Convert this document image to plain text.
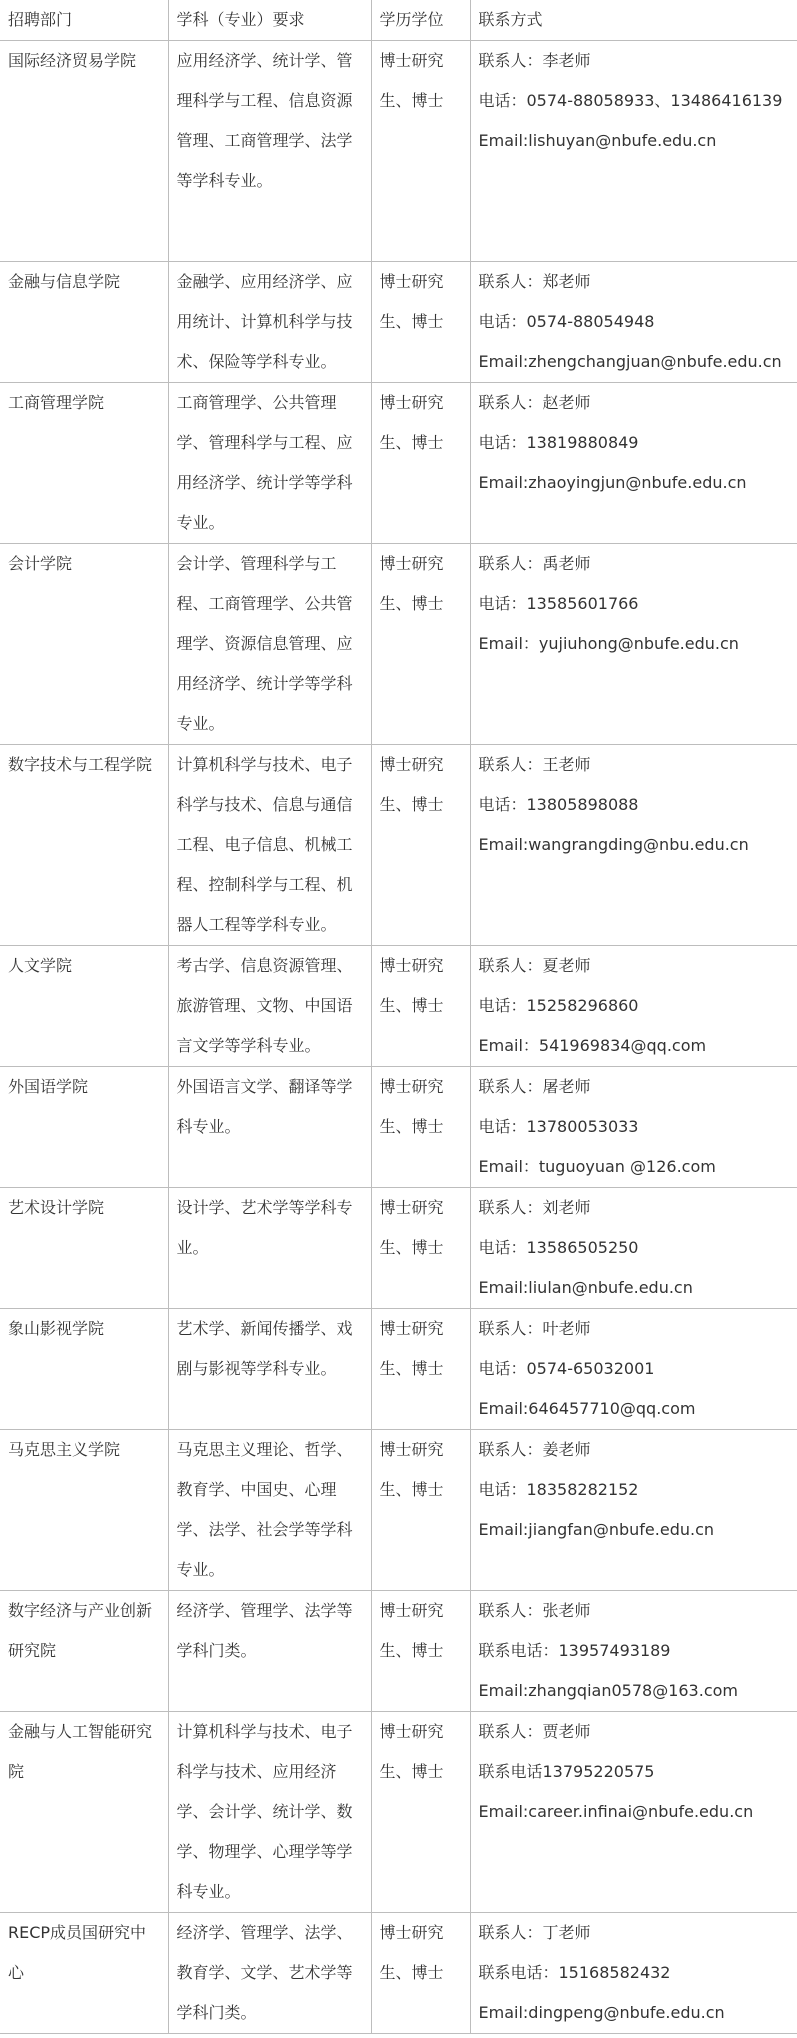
招聘部门	学科（专业）要求	学历学位	联系方式
国际经济贸易学院	应用经济学、统计学、管理科学与工程、信息资源管理、工商管理学、法学等学科专业。	博士研究生、博士	联系人：李老师
电话：0574-88058933、13486416139
Email:lishuyan@nbufe.edu.cn

金融与信息学院	金融学、应用经济学、应用统计、计算机科学与技术、保险等学科专业。	博士研究生、博士	联系人：郑老师
电话：0574-88054948
Email:zhengchangjuan@nbufe.edu.cn

工商管理学院	工商管理学、公共管理学、管理科学与工程、应用经济学、统计学等学科专业。	博士研究生、博士	联系人：赵老师
电话：13819880849
Email:zhaoyingjun@nbufe.edu.cn

会计学院	会计学、管理科学与工程、工商管理学、公共管理学、资源信息管理、应用经济学、统计学等学科专业。	博士研究生、博士	联系人：禹老师
电话：13585601766
Email：yujiuhong@nbufe.edu.cn

数字技术与工程学院	计算机科学与技术、电子科学与技术、信息与通信工程、电子信息、机械工程、控制科学与工程、机器人工程等学科专业。	博士研究生、博士	联系人：王老师
电话：13805898088
Email:wangrangding@nbu.edu.cn

人文学院	考古学、信息资源管理、旅游管理、文物、中国语言文学等学科专业。	博士研究生、博士	联系人：夏老师
电话：15258296860
Email：541969834@qq.com

外国语学院	外国语言文学、翻译等学科专业。	博士研究生、博士	联系人：屠老师
电话：13780053033
Email：tuguoyuan @126.com

艺术设计学院	设计学、艺术学等学科专业。	博士研究生、博士	联系人：刘老师
电话：13586505250
Email:liulan@nbufe.edu.cn

象山影视学院	艺术学、新闻传播学、戏剧与影视等学科专业。	博士研究生、博士	联系人：叶老师
电话：0574-65032001
Email:646457710@qq.com

马克思主义学院	马克思主义理论、哲学、教育学、中国史、心理学、法学、社会学等学科专业。	博士研究生、博士	联系人：姜老师
电话：18358282152
Email:jiangfan@nbufe.edu.cn

数字经济与产业创新研究院	经济学、管理学、法学等学科门类。	博士研究生、博士	联系人：张老师
联系电话：13957493189
Email:zhangqian0578@163.com

金融与人工智能研究院	计算机科学与技术、电子科学与技术、应用经济学、会计学、统计学、数学、物理学、心理学等学科专业。	博士研究生、博士	联系人：贾老师
联系电话13795220575
Email:career.infinai@nbufe.edu.cn

RECP成员国研究中心	经济学、管理学、法学、教育学、文学、艺术学等学科门类。	博士研究生、博士	联系人：丁老师
联系电话：15168582432
Email:dingpeng@nbufe.edu.cn
